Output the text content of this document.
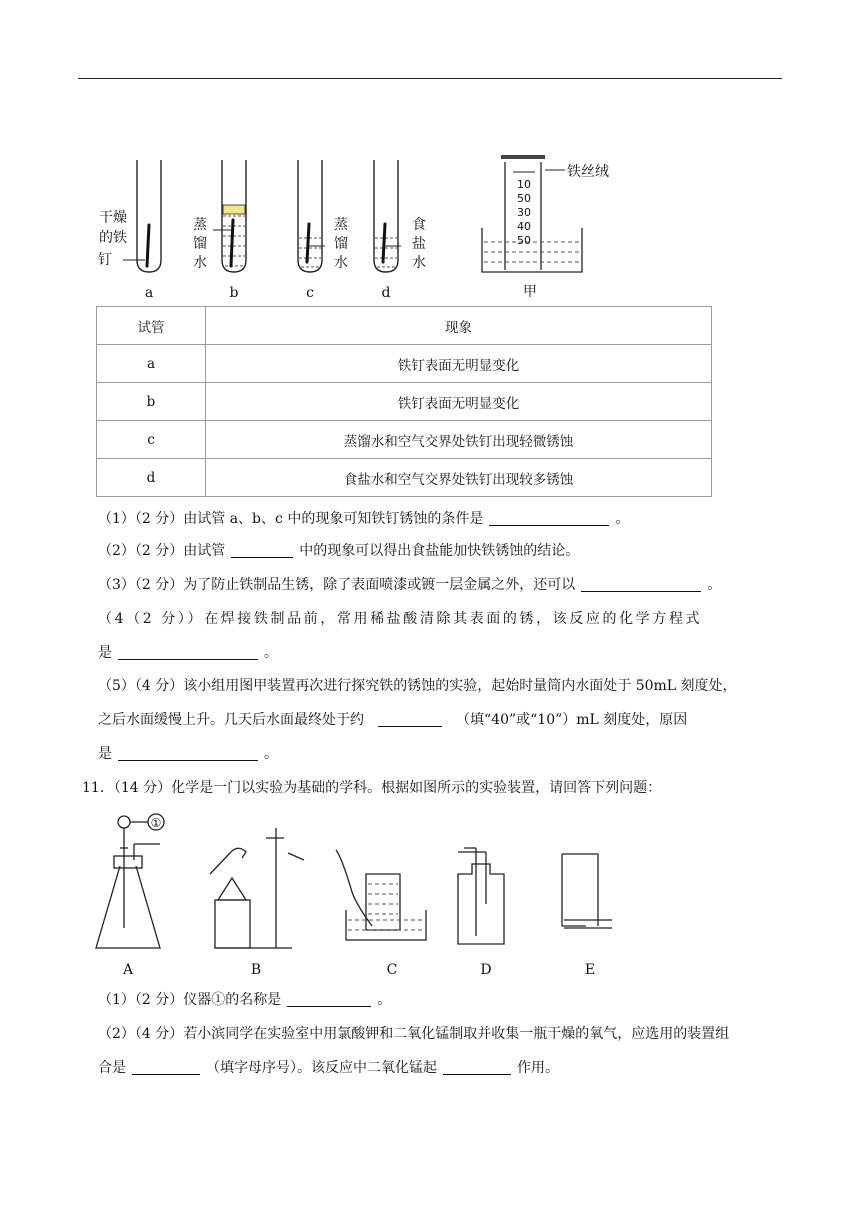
干燥
的铁
钉
蒸
馏
水
蒸
馏
水
食
盐
水
a	b	c	d
10
50
30
40
50
铁丝绒
甲
试管	现象
a	铁钉表面无明显变化
b	铁钉表面无明显变化
c	蒸馏水和空气交界处铁钉出现轻微锈蚀
d	食盐水和空气交界处铁钉出现较多锈蚀
（1）（2 分）由试管 a、b、c 中的现象可知铁钉锈蚀的条件是	。
（2）（2 分）由试管	中的现象可以得出食盐能加快铁锈蚀的结论。
（3）（2 分）为了防止铁制品生锈，除了表面喷漆或镀一层金属之外，还可以	。
（4（2 分））在焊接铁制品前，常用稀盐酸清除其表面的锈，该反应的化学方程式
是	。
（5）（4 分）该小组用图甲装置再次进行探究铁的锈蚀的实验，起始时量筒内水面处于 50mL 刻度处，
之后水面缓慢上升。几天后水面最终处于约	（填“40”或“10”）mL 刻度处，原因
是	。
11．（14 分）化学是一门以实验为基础的学科。根据如图所示的实验装置，请回答下列问题：
①
A	B	C	D	E
（1）（2 分）仪器①的名称是	。
（2）（4 分）若小滨同学在实验室中用氯酸钾和二氧化锰制取并收集一瓶干燥的氧气，应选用的装置组
合是	（填字母序号）。该反应中二氧化锰起	作用。
